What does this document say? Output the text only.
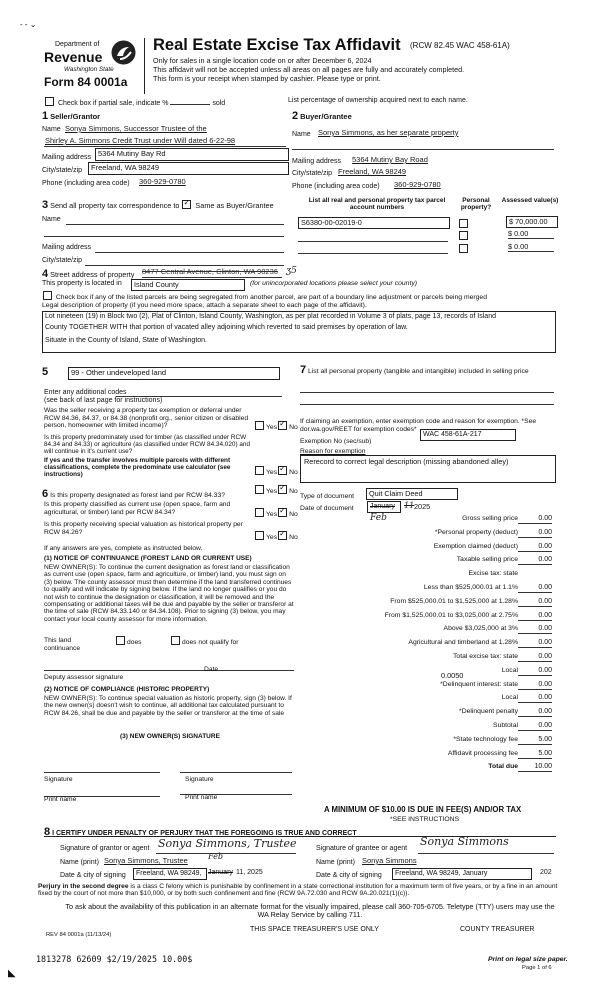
- - ⌄
Department of
Revenue
Washington State
Form 84 0001a
Real Estate Excise Tax Affidavit (RCW 82.45 WAC 458-61A)
Only for sales in a single location code on or after December 6, 2024
This affidavit will not be accepted unless all areas on all pages are fully and accurately completed.
This form is your receipt when stamped by cashier. Please type or print.
Check box if partial sale, indicate %	sold	List percentage of ownership acquired next to each name.
1 Seller/Grantor
Name Sonya Simmons, Successor Trustee of the
Shirley A. Simmons Credit Trust under Will dated 6-22-98
Mailing address 5364 Mutiny Bay Rd
City/state/zip Freeland, WA 98249
Phone (including area code) 360-929-0780
2 Buyer/Grantee
Name Sonya Simmons, as her separate property
Mailing address 5364 Mutiny Bay Road
City/state/zip Freeland, WA 98249
Phone (including area code) 360-929-0780
3 Send all property tax correspondence to ✓ Same as Buyer/Grantee
Name
Mailing address
City/state/zip
List all real and personal property tax parcel account numbers
Personal property?
Assessed value(s)
S6380-00-02019-0	$ 70,000.00
$ 0.00
$ 0.00
4 Street address of property 8477 Central Avenue, Clinton, WA 98236 ʒ5
This property is located in Island County	(for unincorporated locations please select your county)
Check box if any of the listed parcels are being segregated from another parcel, are part of a boundary line adjustment or parcels being merged
Legal description of property (if you need more space, attach a separate sheet to each page of the affidavit).
Lot nineteen (19) in Block two (2), Plat of Clinton, Island County, Washington, as per plat recorded in Volume 3 of plats, page 13, records of Island
County TOGETHER WITH that portion of vacated alley adjoining which reverted to said premises by operation of law.
Situate in the County of Island, State of Washington.
5	99 - Other undeveloped land
Enter any additional codes
(see back of last page for instructions)
Was the seller receiving a property tax exemption or deferral under RCW 84.36, 84.37, or 84.38 (nonprofit org., senior citizen or disabled person, homeowner with limited income)?	Yes ✓ No
Is this property predominately used for timber (as classified under RCW 84.34 and 84.33) or agriculture (as classified under RCW 84.34.020) and will continue in it's current use?
If yes and the transfer involves multiple parcels with different classifications, complete the predominate use calculator (see instructions)	Yes ✓ No
6 Is this property designated as forest land per RCW 84.33?
Yes ✓ No
Is this property classified as current use (open space, farm and agricultural, or timber) land per RCW 84.34?	Yes ✓ No
Is this property receiving special valuation as historical property per RCW 84.26?
Yes ✓ No
If any answers are yes, complete as instructed below.
(1) NOTICE OF CONTINUANCE (FOREST LAND OR CURRENT USE)
NEW OWNER(S): To continue the current designation as forest land or classification as current use (open space, farm and agriculture, or timber) land, you must sign on (3) below. The county assessor must then determine if the land transferred continues to qualify and will indicate by signing below. If the land no longer qualifies or you do not wish to continue the designation or classification, it will be removed and the compensating or additional taxes will be due and payable by the seller or transferor at the time of sale (RCW 84.33.140 or 84.34.108). Prior to signing (3) below, you may contact your local county assessor for more information.
This land
continuance
does	does not qualify for
Deputy assessor signature
Date
(2) NOTICE OF COMPLIANCE (HISTORIC PROPERTY)
NEW OWNER(S): To continue special valuation as historic property, sign (3) below. If the new owner(s) doesn't wish to continue, all additional tax calculated pursuant to RCW 84.26, shall be due and payable by the seller or transferor at the time of sale
(3) NEW OWNER(S) SIGNATURE
Signature	Signature
Print name	Print name
7 List all personal property (tangible and intangible) included in selling price
If claiming an exemption, enter exemption code and reason for exemption. *See dor.wa.gov/REET for exemption codes*
Exemption No (sec/sub)
WAC 458-61A-217
Reason for exemption
Rerecord to correct legal description (missing abandoned alley)
Type of document Quit Claim Deed
Date of document January 11 2025
Feb	Gross selling price	0.00
*Personal property (deduct)	0.00
Exemption claimed (deduct)	0.00
Taxable selling price	0.00
Excise tax: state
Less than $525,000.01 at 1.1%	0.00
From $525,000.01 to $1,525,000 at 1.28%	0.00
From $1,525,000.01 to $3,025,000 at 2.75%	0.00
Above $3,025,000 at 3%	0.00
Agricultural and timberland at 1.28%	0.00
Total excise tax: state	0.00
Local	0.00
*Delinquent interest: state	0.00
Local	0.00
*Delinquent penalty	0.00
Subtotal	0.00
*State technology fee	5.00
Affidavit processing fee	5.00
Total due	10.00
0.0050
A MINIMUM OF $10.00 IS DUE IN FEE(S) AND/OR TAX
*SEE INSTRUCTIONS
8 I CERTIFY UNDER PENALTY OF PERJURY THAT THE FOREGOING IS TRUE AND CORRECT
Signature of grantor or agent Sonya Simmons, Trustee
Name (print) Sonya Simmons, Trustee	Feb
Date & city of signing Freeland, WA 98249, January 11, 2025
Signature of grantee or agent
Sonya Simmons
Name (print) Sonya Simmons
Date & city of signing Freeland, WA 98249, January	202
Perjury in the second degree is a class C felony which is punishable by confinement in a state correctional institution for a maximum term of five years, or by a fine in an amount fixed by the court of not more than $10,000, or by both such confinement and fine (RCW 9A.72.030 and RCW 9A.20.021(1)(c)).
To ask about the availability of this publication in an alternate format for the visually impaired, please call 360-705-6705. Teletype (TTY) users may use the WA Relay Service by calling 711.
REV 84 0001a (11/13/24)
THIS SPACE TREASURER'S USE ONLY	COUNTY TREASURER
Print on legal size paper.
Page 1 of 6
1813278 62609 $2/19/2025 10.00$
◣
